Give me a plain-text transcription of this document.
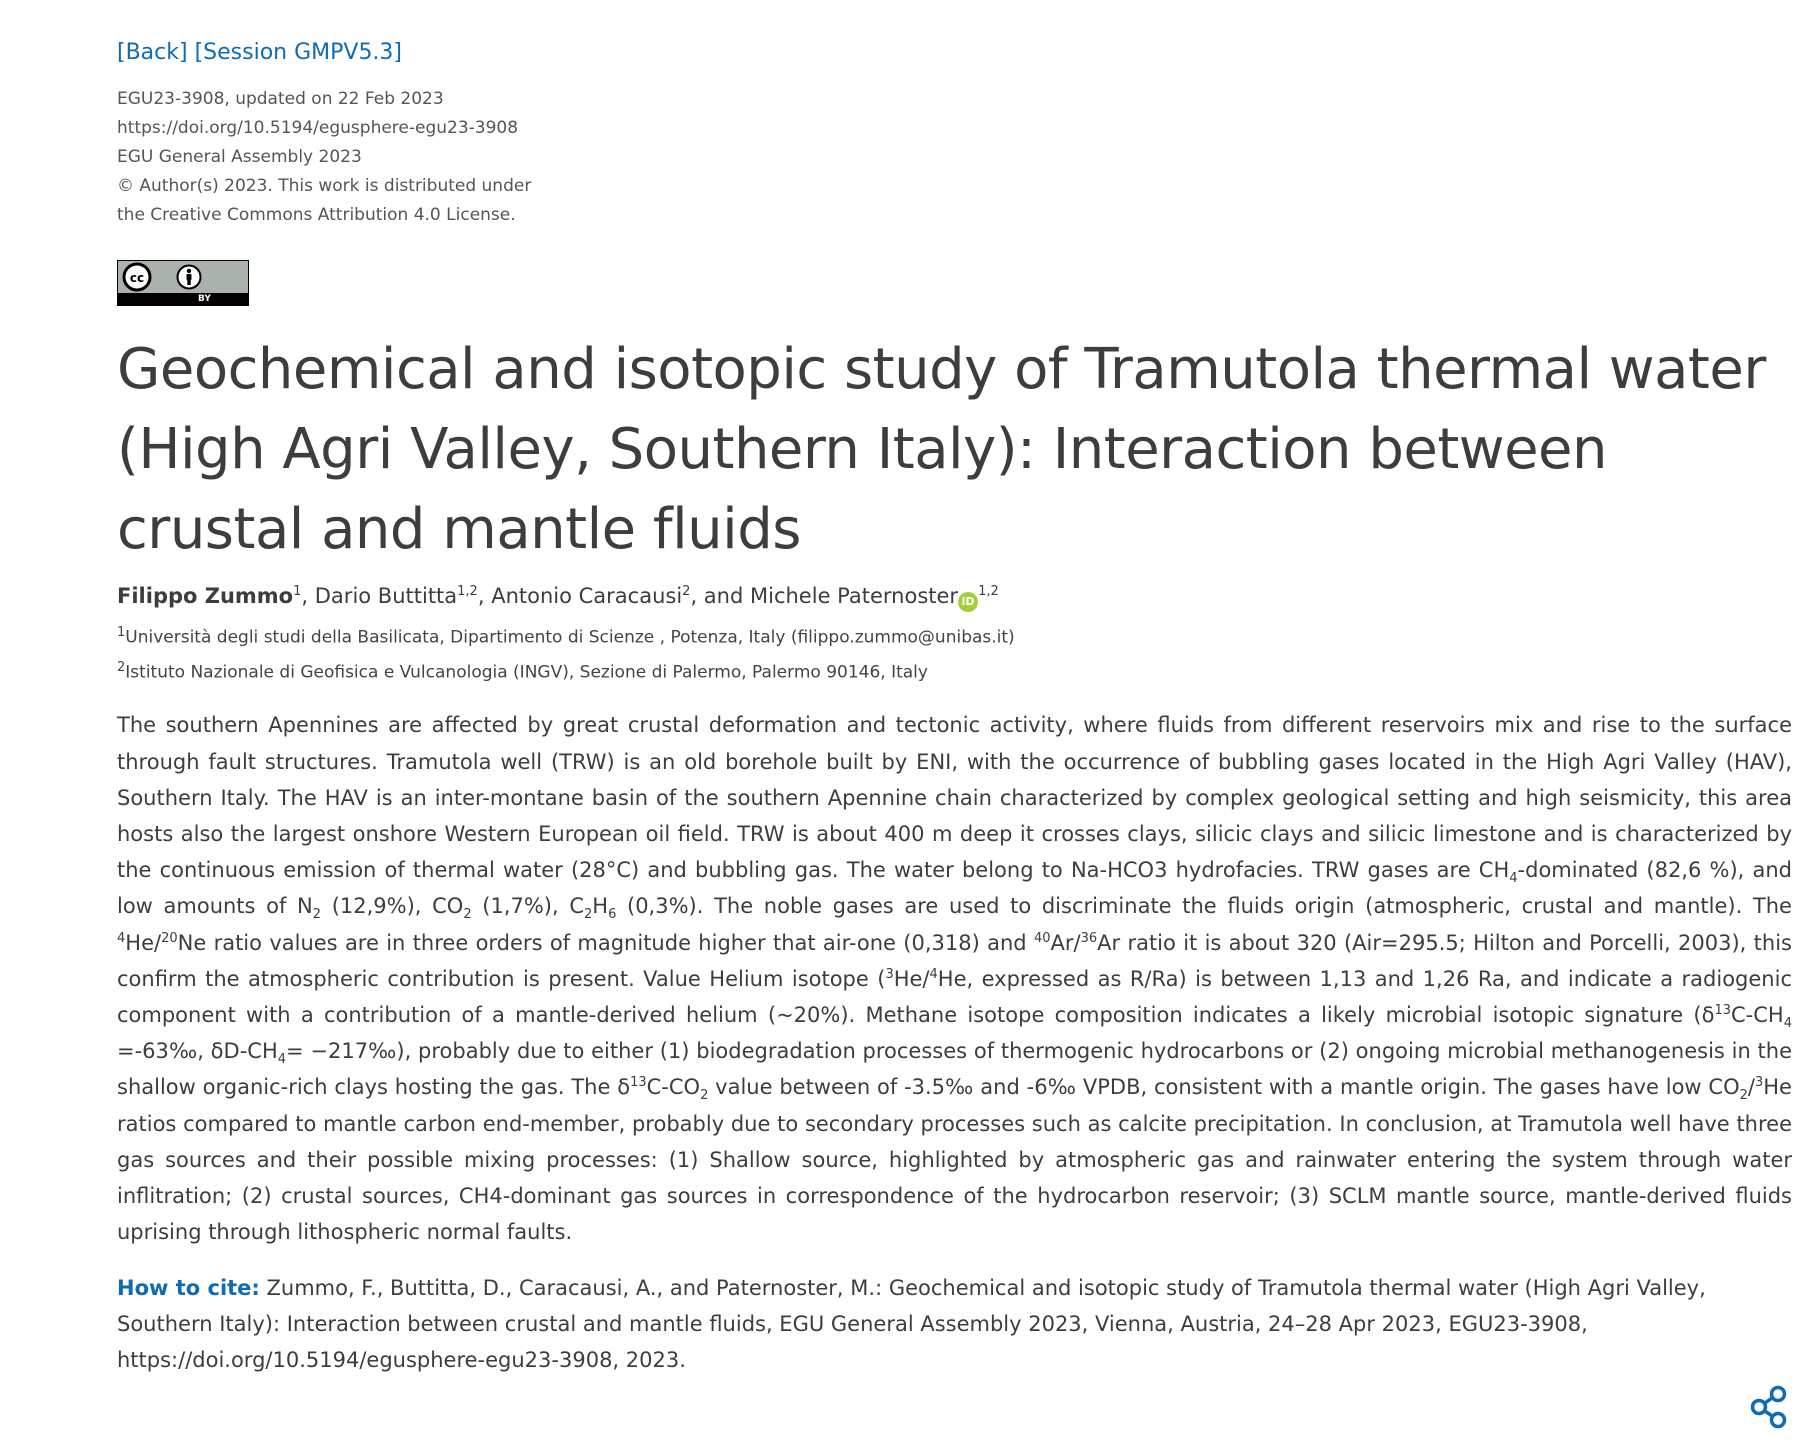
[Back] [Session GMPV5.3]
EGU23-3908, updated on 22 Feb 2023
https://doi.org/10.5194/egusphere-egu23-3908
EGU General Assembly 2023
© Author(s) 2023. This work is distributed under
the Creative Commons Attribution 4.0 License.
cc
BY
Geochemical and isotopic study of Tramutola thermal water (High Agri Valley, Southern Italy): Interaction between crustal and mantle fluids
Filippo Zummo$^1$, Dario Buttitta$^{1,2}$, Antonio Caracausi$^2$, and Michele Paternoster iD$^{1,2}$
$^1$Università degli studi della Basilicata, Dipartimento di Scienze , Potenza, Italy (filippo.zummo@unibas.it)
$^2$Istituto Nazionale di Geofisica e Vulcanologia (INGV), Sezione di Palermo, Palermo 90146, Italy
The southern Apennines are affected by great crustal deformation and tectonic activity, where fluids from different reservoirs mix and rise to the surface through fault structures. Tramutola well (TRW) is an old borehole built by ENI, with the occurrence of bubbling gases located in the High Agri Valley (HAV), Southern Italy. The HAV is an inter-montane basin of the southern Apennine chain characterized by complex geological setting and high seismicity, this area hosts also the largest onshore Western European oil field. TRW is about 400 m deep it crosses clays, silicic clays and silicic limestone and is characterized by the continuous emission of thermal water (28°C) and bubbling gas. The water belong to Na-HCO3 hydrofacies. TRW gases are $CH_4$-dominated (82,6 %), and low amounts of $N_2$ (12,9%), $CO_2$ (1,7%), $C_2H_6$ (0,3%). The noble gases are used to discriminate the fluids origin (atmospheric, crustal and mantle). The $^4$He/$^{20}$Ne ratio values are in three orders of magnitude higher that air-one (0,318) and $^{40}$Ar/$^{36}$Ar ratio it is about 320 (Air=295.5; Hilton and Porcelli, 2003), this confirm the atmospheric contribution is present. Value Helium isotope ($^3$He/$^4$He, expressed as R/Ra) is between 1,13 and 1,26 Ra, and indicate a radiogenic component with a contribution of a mantle-derived helium (~20%). Methane isotope composition indicates a likely microbial isotopic signature ($\delta^{13}C-CH_4$ =-63‰, $\delta D-CH_4=$ −217‰), probably due to either (1) biodegradation processes of thermogenic hydrocarbons or (2) ongoing microbial methanogenesis in the shallow organic-rich clays hosting the gas. The $\delta^{13}C-CO_2$ value between of -3.5‰ and -6‰ VPDB, consistent with a mantle origin. The gases have low $CO_2/^3He$ ratios compared to mantle carbon end-member, probably due to secondary processes such as calcite precipitation. In conclusion, at Tramutola well have three gas sources and their possible mixing processes: (1) Shallow source, highlighted by atmospheric gas and rainwater entering the system through water inflitration; (2) crustal sources, CH4-dominant gas sources in correspondence of the hydrocarbon reservoir; (3) SCLM mantle source, mantle-derived fluids uprising through lithospheric normal faults.
How to cite: Zummo, F., Buttitta, D., Caracausi, A., and Paternoster, M.: Geochemical and isotopic study of Tramutola thermal water (High Agri Valley, Southern Italy): Interaction between crustal and mantle fluids, EGU General Assembly 2023, Vienna, Austria, 24–28 Apr 2023, EGU23-3908, https://doi.org/10.5194/egusphere-egu23-3908, 2023.
